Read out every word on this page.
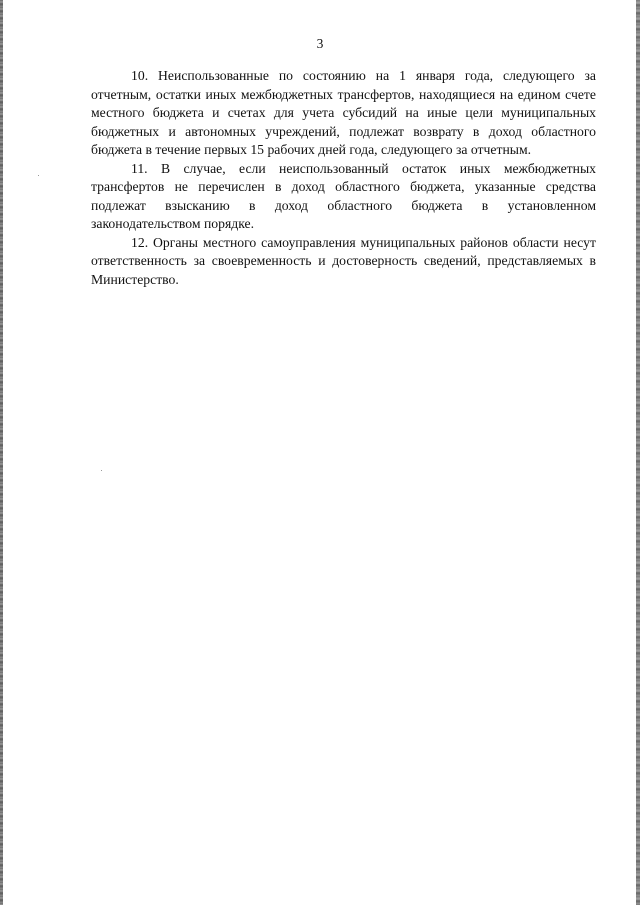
3

10. Неиспользованные по состоянию на 1 января года, следующего за отчетным, остатки иных межбюджетных трансфертов, находящиеся на едином счете местного бюджета и счетах для учета субсидий на иные цели муниципальных бюджетных и автономных учреждений, подлежат возврату в доход областного бюджета в течение первых 15 рабочих дней года, следующего за отчетным.

11. В случае, если неиспользованный остаток иных межбюджетных трансфертов не перечислен в доход областного бюджета, указанные средства подлежат взысканию в доход областного бюджета в установленном законодательством порядке.

12. Органы местного самоуправления муниципальных районов области несут ответственность за своевременность и достоверность сведений, представляемых в Министерство.
